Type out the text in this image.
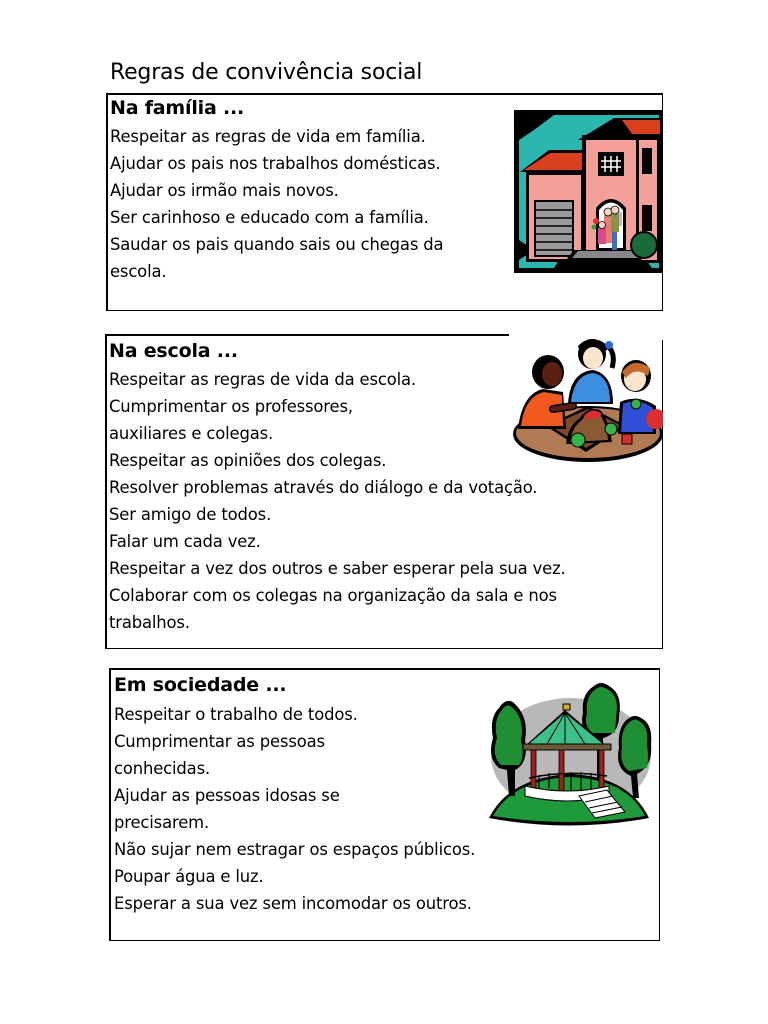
Regras de convivência social
Na família ...
Respeitar as regras de vida em família.
Ajudar os pais nos trabalhos domésticas.
Ajudar os irmão mais novos.
Ser carinhoso e educado com a família.
Saudar os pais quando sais ou chegas da
escola.
Na escola ...
Respeitar as regras de vida da escola.
Cumprimentar os professores,
auxiliares e colegas.
Respeitar as opiniões dos colegas.
Resolver problemas através do diálogo e da votação.
Ser amigo de todos.
Falar um cada vez.
Respeitar a vez dos outros e saber esperar pela sua vez.
Colaborar com os colegas na organização da sala e nos
trabalhos.
Em sociedade ...
Respeitar o trabalho de todos.
Cumprimentar as pessoas
conhecidas.
Ajudar as pessoas idosas se
precisarem.
Não sujar nem estragar os espaços públicos.
Poupar água e luz.
Esperar a sua vez sem incomodar os outros.
